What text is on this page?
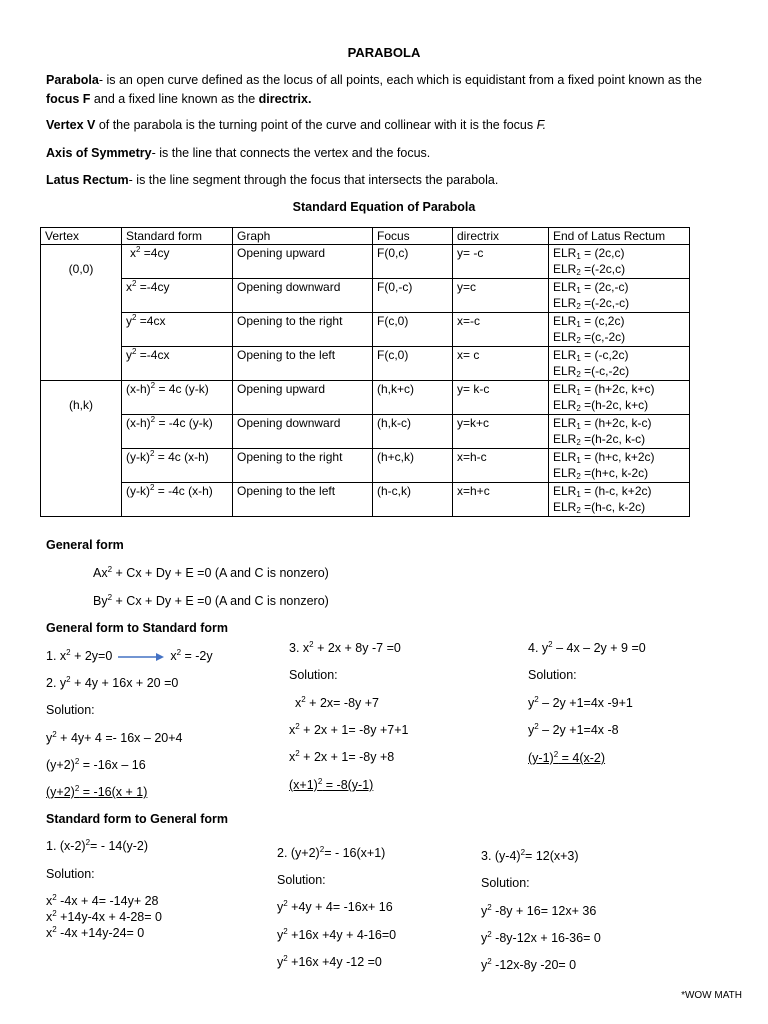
PARABOLA
Parabola- is an open curve defined as the locus of all points, each which is equidistant from a fixed point known as the focus F and a fixed line known as the directrix.
Vertex V of the parabola is the turning point of the curve and collinear with it is the focus F.
Axis of Symmetry- is the line that connects the vertex and the focus.
Latus Rectum- is the line segment through the focus that intersects the parabola.
Standard Equation of Parabola
Vertex	Standard form	Graph	Focus	directrix	End of Latus Rectum
(0,0)	$x^2 =4cy$	Opening upward	F(0,c)	y= -c	$ELR_1 = (2c,c)$
$ELR_2 =(-2c,c)$

	$x^2 =-4cy$	Opening downward	F(0,-c)	y=c	$ELR_1 = (2c,-c)$
$ELR_2 =(-2c,-c)$

	$y^2 =4cx$	Opening to the right	F(c,0)	x=-c	$ELR_1 = (c,2c)$
$ELR_2 =(c,-2c)$

	$y^2 =-4cx$	Opening to the left	F(c,0)	x= c	$ELR_1 = (-c,2c)$
$ELR_2 =(-c,-2c)$

(h,k)	$(x-h)^2 = 4c$ (y-k)	Opening upward	(h,k+c)	y= k-c	$ELR_1 = (h+2c$, k+c)
$ELR_2 =(h-2c$, k+c)

	$(x-h)^2 = -4c$ (y-k)	Opening downward	(h,k-c)	y=k+c	$ELR_1 = (h+2c$, k-c)
$ELR_2 =(h-2c$, k-c)

	$(y-k)^2 = 4c$ (x-h)	Opening to the right	(h+c,k)	x=h-c	$ELR_1 = (h+c$, k+2c)
$ELR_2 =(h+c$, k-2c)

	$(y-k)^2 = -4c$ (x-h)	Opening to the left	(h-c,k)	x=h+c	$ELR_1 = (h-c$, k+2c)
$ELR_2 =(h-c$, k-2c)
General form
$Ax^2 + Cx + Dy + E =0$ (A and C is nonzero)
$By^2 + Cx + Dy + E =0$ (A and C is nonzero)
General form to Standard form
1. $x^2 + 2y=0$	$x^2 = -2y$
2. $y^2 + 4y + 16x + 20 =0$
Solution:
$y^2 + 4y+ 4 =- 16x - 20+4$
$(y+2)^2 = -16x - 16$
$(y+2)^2 = -16(x + 1)$
3. $x^2 + 2x + 8y$ -7 =0
Solution:
$x^2 + 2x= -8y +7$
$x^2 + 2x + 1= -8y +7+1$
$x^2 + 2x + 1= -8y +8$
$(x+1)^2 = -8(y-1)$
4. $y^2 - 4x - 2y + 9 =0$
Solution:
$y^2 - 2y +1=4x$ -9+1
$y^2 - 2y +1=4x$ -8
$(y-1)^2 = 4(x-2)$
Standard form to General form
1. $(x-2)^2= - 14(y-2)$
Solution:
$x^2$ -4x + 4= -14y+ 28
$x^2 +14y-4x + 4-28= 0$
$x^2$ -4x +14y-24= 0
2. $(y+2)^2= - 16(x+1)$
Solution:
$y^2 +4y + 4= -16x+ 16$
$y^2 +16x +4y + 4-16=0$
$y^2 +16x +4y$ -12 =0
3. $(y-4)^2= 12(x+3)$
Solution:
$y^2$ -8y + 16= 12x+ 36
$y^2$ -8y-12x + 16-36= 0
$y^2$ -12x-8y -20= 0
*WOW MATH
